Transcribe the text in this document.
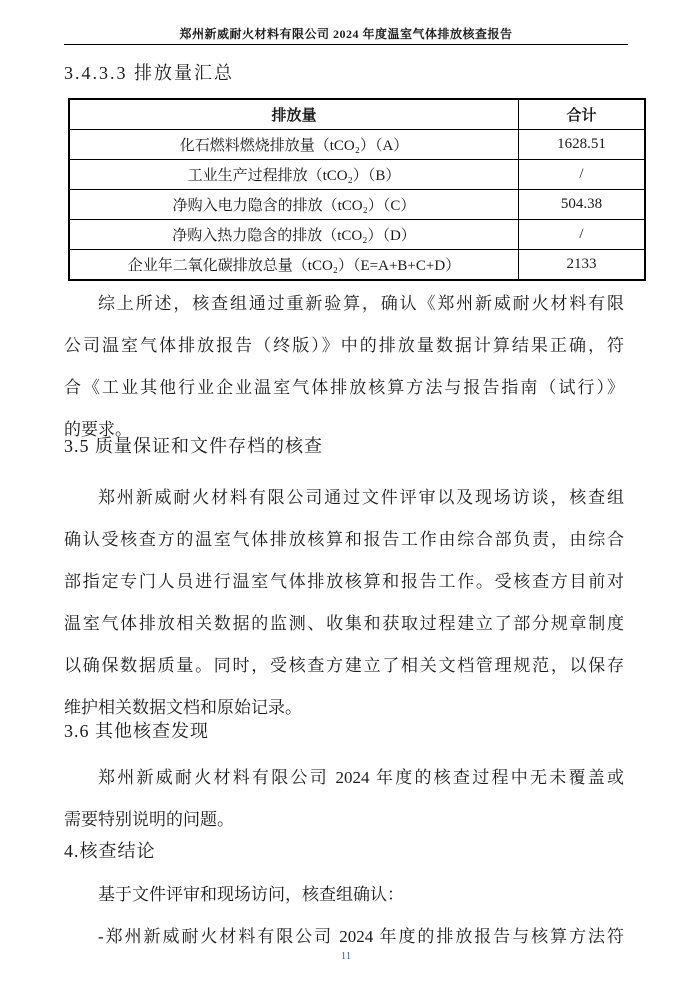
郑州新威耐火材料有限公司 2024 年度温室气体排放核查报告
3.4.3.3 排放量汇总
排放量	合计
化石燃料燃烧排放量（tCO₂）（A）	1628.51
工业生产过程排放（tCO₂）（B）	/
净购入电力隐含的排放（tCO₂）（C）	504.38
净购入热力隐含的排放（tCO₂）（D）	/
企业年二氧化碳排放总量（tCO₂）（E=A+B+C+D）	2133
综上所述，核查组通过重新验算，确认《郑州新威耐火材料有限
公司温室气体排放报告（终版）》中的排放量数据计算结果正确，符
合《工业其他行业企业温室气体排放核算方法与报告指南（试行）》
的要求。
3.5 质量保证和文件存档的核查
郑州新威耐火材料有限公司通过文件评审以及现场访谈，核查组
确认受核查方的温室气体排放核算和报告工作由综合部负责，由综合
部指定专门人员进行温室气体排放核算和报告工作。受核查方目前对
温室气体排放相关数据的监测、收集和获取过程建立了部分规章制度
以确保数据质量。同时，受核查方建立了相关文档管理规范，以保存
维护相关数据文档和原始记录。
3.6 其他核查发现
郑州新威耐火材料有限公司 2024 年度的核查过程中无未覆盖或
需要特别说明的问题。
4.核查结论
基于文件评审和现场访问，核查组确认：
-郑州新威耐火材料有限公司 2024 年度的排放报告与核算方法符
11
